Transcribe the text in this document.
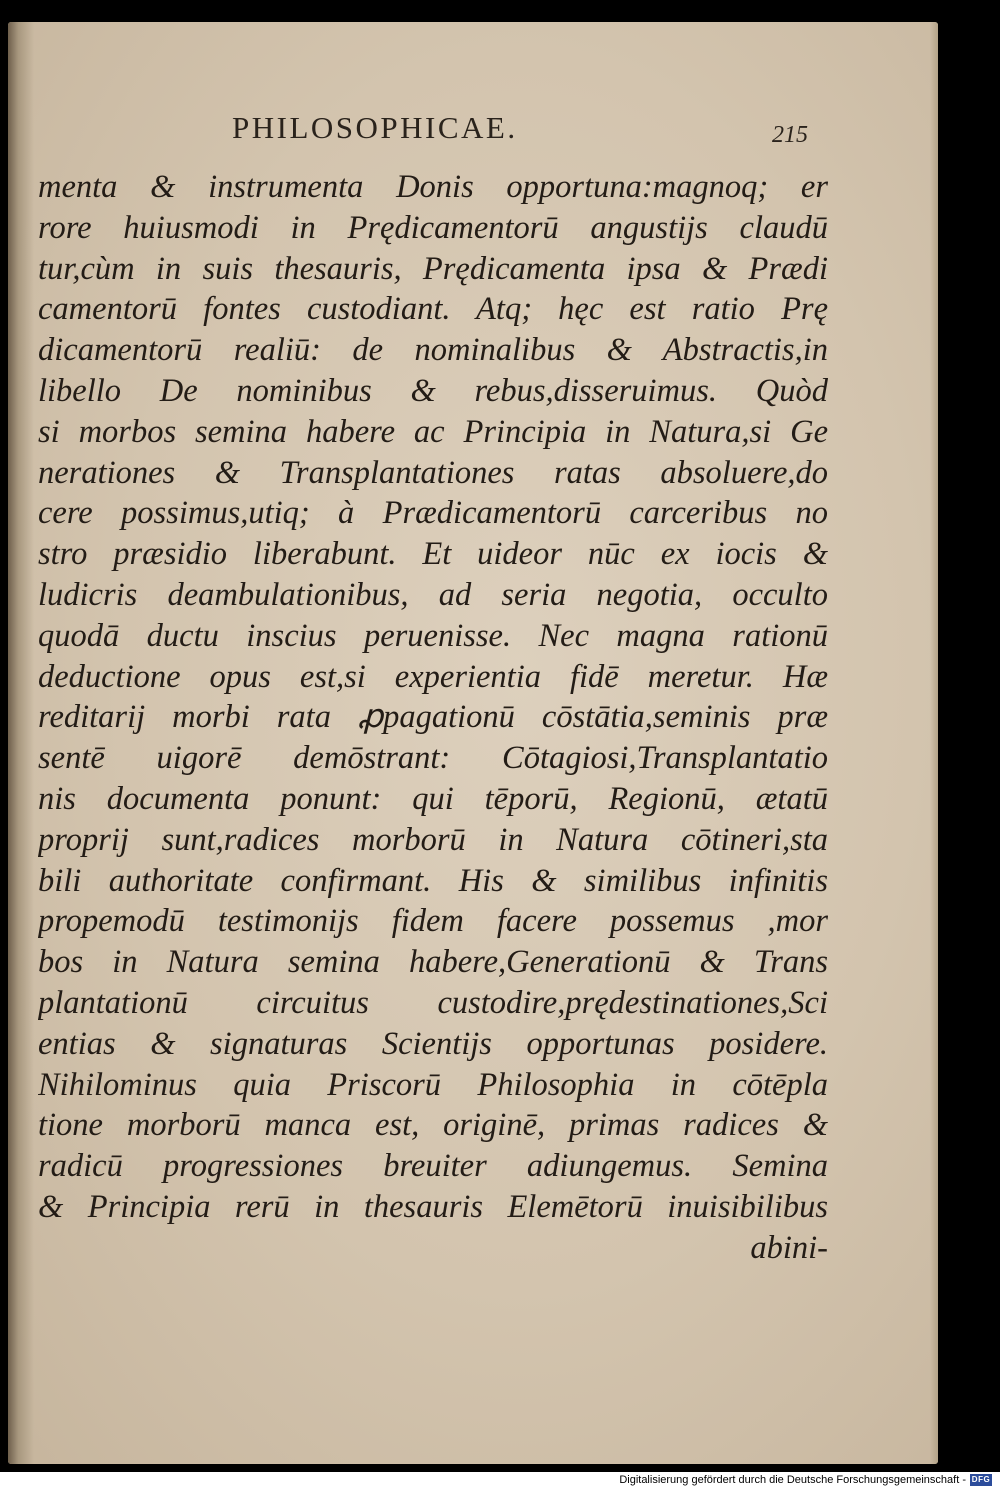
PHILOSOPHICAE.	215
menta & instrumenta Donis opportuna:magnoq; er
rore huiusmodi in Prędicamentorū angustijs claudū
tur,cùm in suis thesauris, Prędicamenta ipsa & Prædi
camentorū fontes custodiant. Atq; hęc est ratio Prę
dicamentorū realiū: de nominalibus & Abstractis,in
libello De nominibus & rebus,disseruimus. Quòd
si morbos semina habere ac Principia in Natura,si Ge
nerationes & Transplantationes ratas absoluere,do
cere possimus,utiq; à Prædicamentorū carceribus no
stro præsidio liberabunt. Et uideor nūc ex iocis &
ludicris deambulationibus, ad seria negotia, occulto
quodā ductu inscius peruenisse. Nec magna rationū
deductione opus est,si experientia fidē meretur. Hæ
reditarij morbi rata ꝓpagationū cōstātia,seminis præ
sentē uigorē demōstrant: Cōtagiosi,Transplantatio
nis documenta ponunt: qui tēporū, Regionū, ætatū
proprij sunt,radices morborū in Natura cōtineri,sta
bili authoritate confirmant. His & similibus infinitis
propemodū testimonijs fidem facere possemus ,mor
bos in Natura semina habere,Generationū & Trans
plantationū circuitus custodire,prędestinationes,Sci
entias & signaturas Scientijs opportunas posidere.
Nihilominus quia Priscorū Philosophia in cōtēpla
tione morborū manca est, originē, primas radices &
radicū progressiones breuiter adiungemus. Semina
& Principia rerū in thesauris Elemētorū inuisibilibus
abini-
Digitalisierung gefördert durch die Deutsche Forschungsgemeinschaft - DFG
